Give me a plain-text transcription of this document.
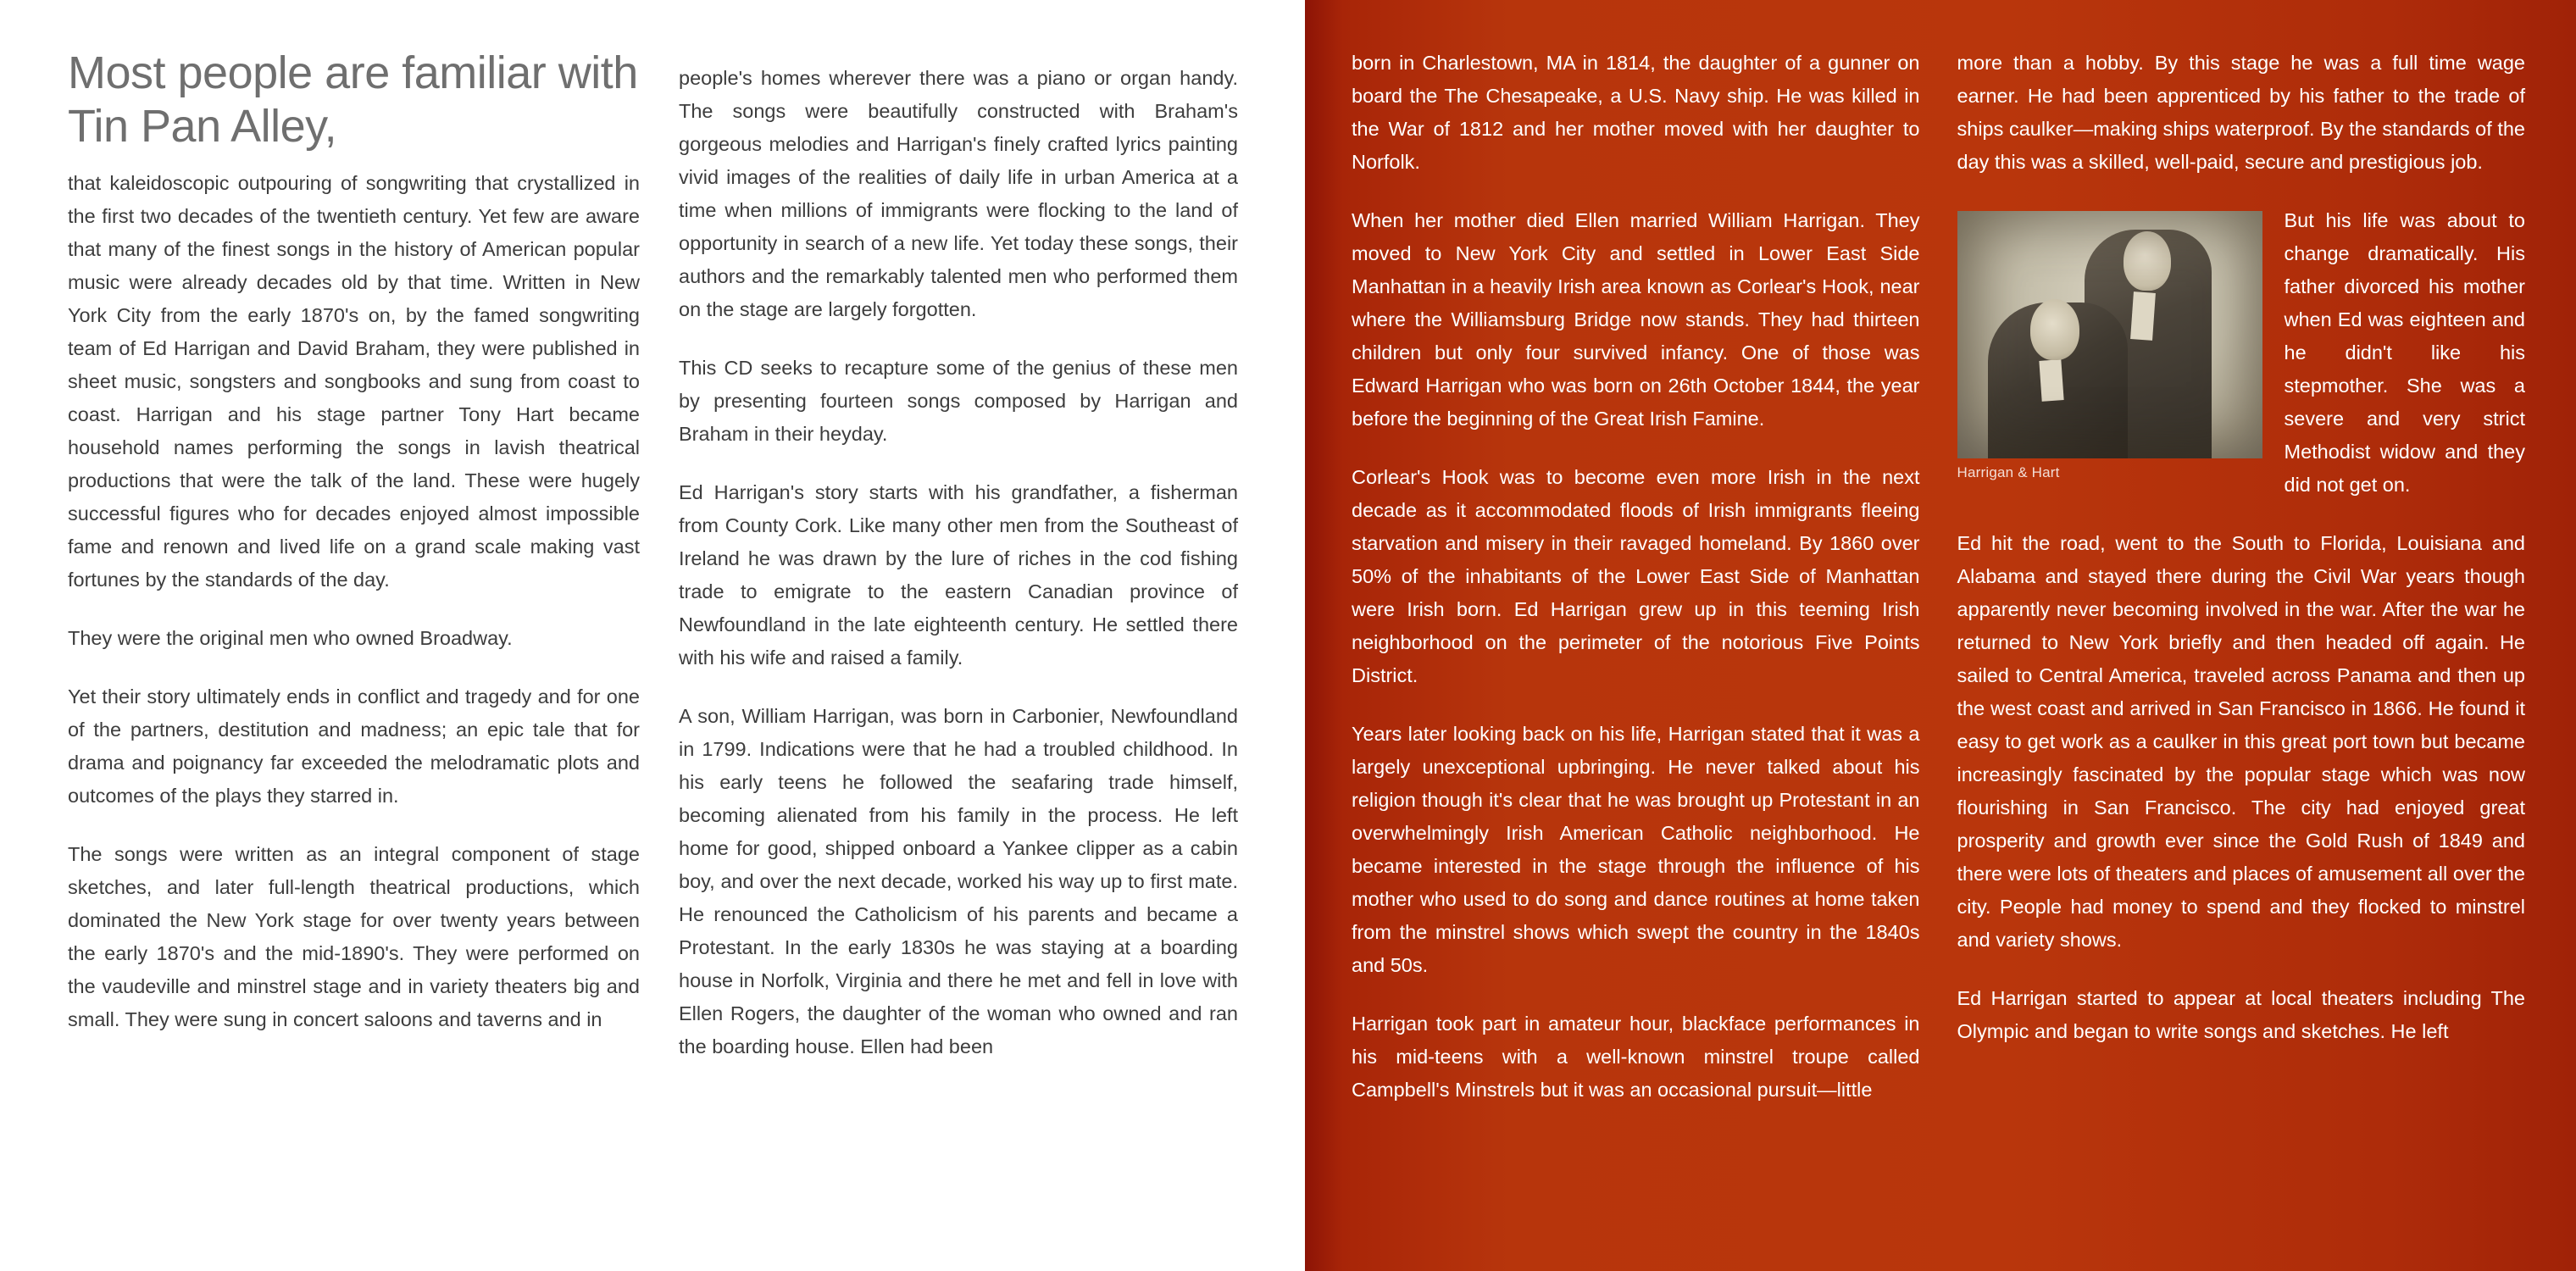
Most people are familiar with Tin Pan Alley,

that kaleidoscopic outpouring of songwriting that crystallized in the first two decades of the twentieth century. Yet few are aware that many of the finest songs in the history of American popular music were already decades old by that time. Written in New York City from the early 1870's on, by the famed songwriting team of Ed Harrigan and David Braham, they were published in sheet music, songsters and songbooks and sung from coast to coast. Harrigan and his stage partner Tony Hart became household names performing the songs in lavish theatrical productions that were the talk of the land. These were hugely successful figures who for decades enjoyed almost impossible fame and renown and lived life on a grand scale making vast fortunes by the standards of the day.

They were the original men who owned Broadway.

Yet their story ultimately ends in conflict and tragedy and for one of the partners, destitution and madness; an epic tale that for drama and poignancy far exceeded the melodramatic plots and outcomes of the plays they starred in.

The songs were written as an integral component of stage sketches, and later full-length theatrical productions, which dominated the New York stage for over twenty years between the early 1870's and the mid-1890's. They were performed on the vaudeville and minstrel stage and in variety theaters big and small. They were sung in concert saloons and taverns and in

people's homes wherever there was a piano or organ handy. The songs were beautifully constructed with Braham's gorgeous melodies and Harrigan's finely crafted lyrics painting vivid images of the realities of daily life in urban America at a time when millions of immigrants were flocking to the land of opportunity in search of a new life. Yet today these songs, their authors and the remarkably talented men who performed them on the stage are largely forgotten.

This CD seeks to recapture some of the genius of these men by presenting fourteen songs composed by Harrigan and Braham in their heyday.

Ed Harrigan's story starts with his grandfather, a fisherman from County Cork. Like many other men from the Southeast of Ireland he was drawn by the lure of riches in the cod fishing trade to emigrate to the eastern Canadian province of Newfoundland in the late eighteenth century. He settled there with his wife and raised a family.

A son, William Harrigan, was born in Carbonier, Newfoundland in 1799. Indications were that he had a troubled childhood. In his early teens he followed the seafaring trade himself, becoming alienated from his family in the process. He left home for good, shipped onboard a Yankee clipper as a cabin boy, and over the next decade, worked his way up to first mate. He renounced the Catholicism of his parents and became a Protestant. In the early 1830s he was staying at a boarding house in Norfolk, Virginia and there he met and fell in love with Ellen Rogers, the daughter of the woman who owned and ran the boarding house. Ellen had been

born in Charlestown, MA in 1814, the daughter of a gunner on board the The Chesapeake, a U.S. Navy ship. He was killed in the War of 1812 and her mother moved with her daughter to Norfolk.

When her mother died Ellen married William Harrigan. They moved to New York City and settled in Lower East Side Manhattan in a heavily Irish area known as Corlear's Hook, near where the Williamsburg Bridge now stands. They had thirteen children but only four survived infancy. One of those was Edward Harrigan who was born on 26th October 1844, the year before the beginning of the Great Irish Famine.

Corlear's Hook was to become even more Irish in the next decade as it accommodated floods of Irish immigrants fleeing starvation and misery in their ravaged homeland. By 1860 over 50% of the inhabitants of the Lower East Side of Manhattan were Irish born. Ed Harrigan grew up in this teeming Irish neighborhood on the perimeter of the notorious Five Points District.

Years later looking back on his life, Harrigan stated that it was a largely unexceptional upbringing. He never talked about his religion though it's clear that he was brought up Protestant in an overwhelmingly Irish American Catholic neighborhood. He became interested in the stage through the influence of his mother who used to do song and dance routines at home taken from the minstrel shows which swept the country in the 1840s and 50s.

Harrigan took part in amateur hour, blackface performances in his mid-teens with a well-known minstrel troupe called Campbell's Minstrels but it was an occasional pursuit—little

more than a hobby. By this stage he was a full time wage earner. He had been apprenticed by his father to the trade of ships caulker—making ships waterproof. By the standards of the day this was a skilled, well-paid, secure and prestigious job.

Harrigan & Hart

But his life was about to change dramatically. His father divorced his mother when Ed was eighteen and he didn't like his stepmother. She was a severe and very strict Methodist widow and they did not get on.

Ed hit the road, went to the South to Florida, Louisiana and Alabama and stayed there during the Civil War years though apparently never becoming involved in the war. After the war he returned to New York briefly and then headed off again. He sailed to Central America, traveled across Panama and then up the west coast and arrived in San Francisco in 1866. He found it easy to get work as a caulker in this great port town but became increasingly fascinated by the popular stage which was now flourishing in San Francisco. The city had enjoyed great prosperity and growth ever since the Gold Rush of 1849 and there were lots of theaters and places of amusement all over the city. People had money to spend and they flocked to minstrel and variety shows.

Ed Harrigan started to appear at local theaters including The Olympic and began to write songs and sketches. He left
